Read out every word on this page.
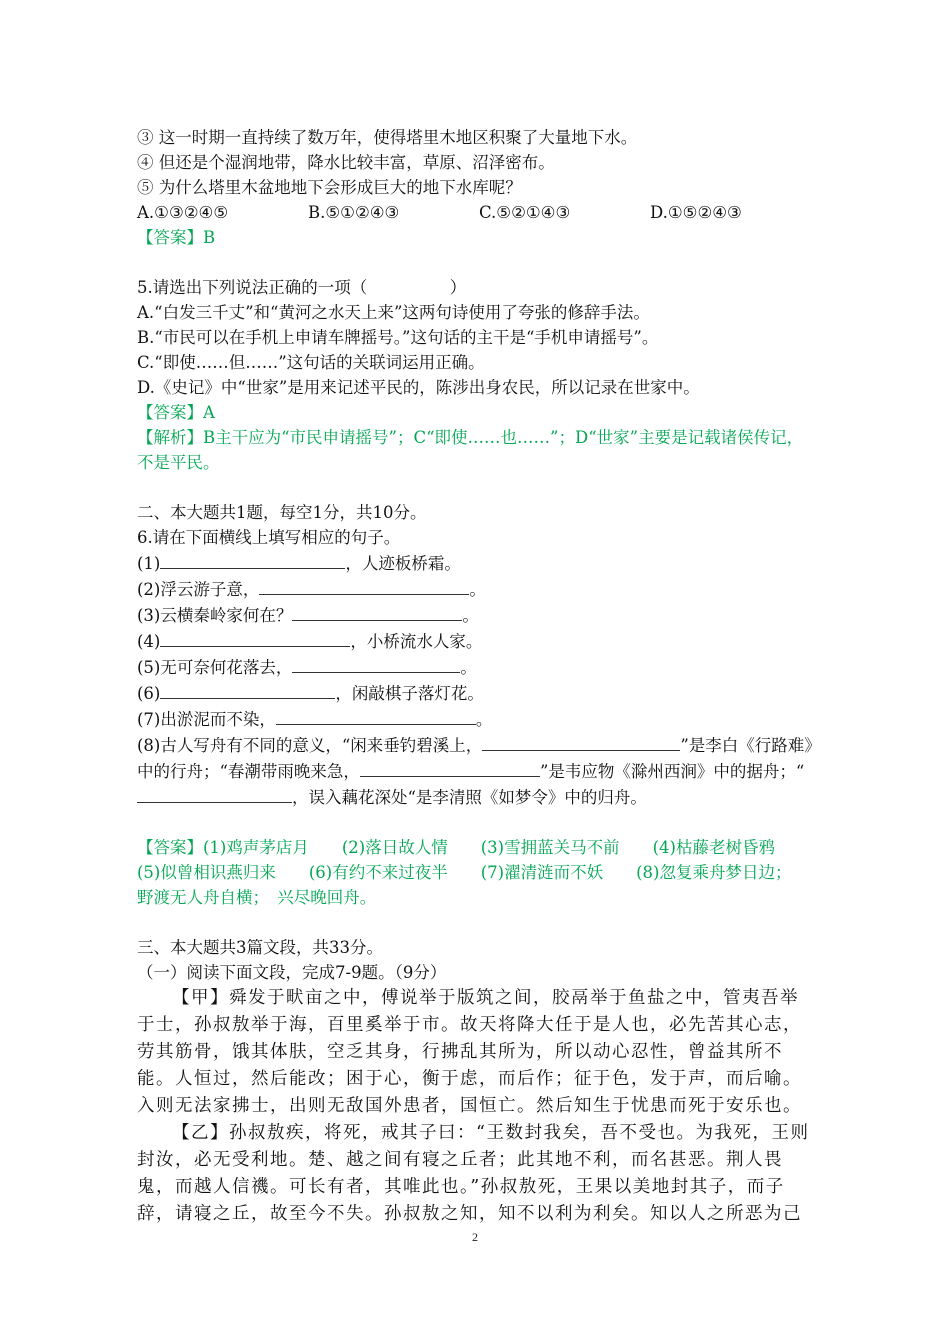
③ 这一时期一直持续了数万年，使得塔里木地区积聚了大量地下水。
④ 但还是个湿润地带，降水比较丰富，草原、沼泽密布。
⑤ 为什么塔里木盆地地下会形成巨大的地下水库呢？
A.①③②④⑤	B.⑤①②④③	C.⑤②①④③	D.①⑤②④③
【答案】B
5.请选出下列说法正确的一项（　　　　　）
A.“白发三千丈”和“黄河之水天上来”这两句诗使用了夸张的修辞手法。
B.“市民可以在手机上申请车牌摇号。”这句话的主干是“手机申请摇号”。
C.“即使……但……”这句话的关联词运用正确。
D.《史记》中“世家”是用来记述平民的，陈涉出身农民，所以记录在世家中。
【答案】A
【解析】B主干应为“市民申请摇号”；C“即使……也……”；D“世家”主要是记载诸侯传记，不是平民。
二、本大题共1题，每空1分，共10分。
6.请在下面横线上填写相应的句子。
(1)	，人迹板桥霜。
(2)浮云游子意，	。
(3)云横秦岭家何在？	。
(4)	，小桥流水人家。
(5)无可奈何花落去，	。
(6)	，闲敲棋子落灯花。
(7)出淤泥而不染，	。
(8)古人写舟有不同的意义，“闲来垂钓碧溪上，	”是李白《行路难》中的行舟；“春潮带雨晚来急，	”是韦应物《滁州西涧》中的据舟；“，误入藕花深处“是李清照《如梦令》中的归舟。
【答案】(1)鸡声茅店月　　(2)落日故人情　　(3)雪拥蓝关马不前　　(4)枯藤老树昏鸦　　(5)似曾相识燕归来　　(6)有约不来过夜半　　(7)濯清涟而不妖　　(8)忽复乘舟梦日边；　野渡无人舟自横；　兴尽晚回舟。
三、本大题共3篇文段，共33分。
（一）阅读下面文段，完成7-9题。（9分）
【甲】舜发于畎亩之中，傅说举于版筑之间，胶鬲举于鱼盐之中，管夷吾举于士，孙叔敖举于海，百里奚举于市。故天将降大任于是人也，必先苦其心志，劳其筋骨，饿其体肤，空乏其身，行拂乱其所为，所以动心忍性，曾益其所不能。人恒过，然后能改；困于心，衡于虑，而后作；征于色，发于声，而后喻。入则无法家拂士，出则无敌国外患者，国恒亡。然后知生于忧患而死于安乐也。
【乙】孙叔敖疾，将死，戒其子曰：“王数封我矣，吾不受也。为我死，王则封汝，必无受利地。楚、越之间有寝之丘者；此其地不利，而名甚恶。荆人畏鬼，而越人信禨。可长有者，其唯此也。”孙叔敖死，王果以美地封其子，而子辞，请寝之丘，故至今不失。孙叔敖之知，知不以利为利矣。知以人之所恶为己
2
